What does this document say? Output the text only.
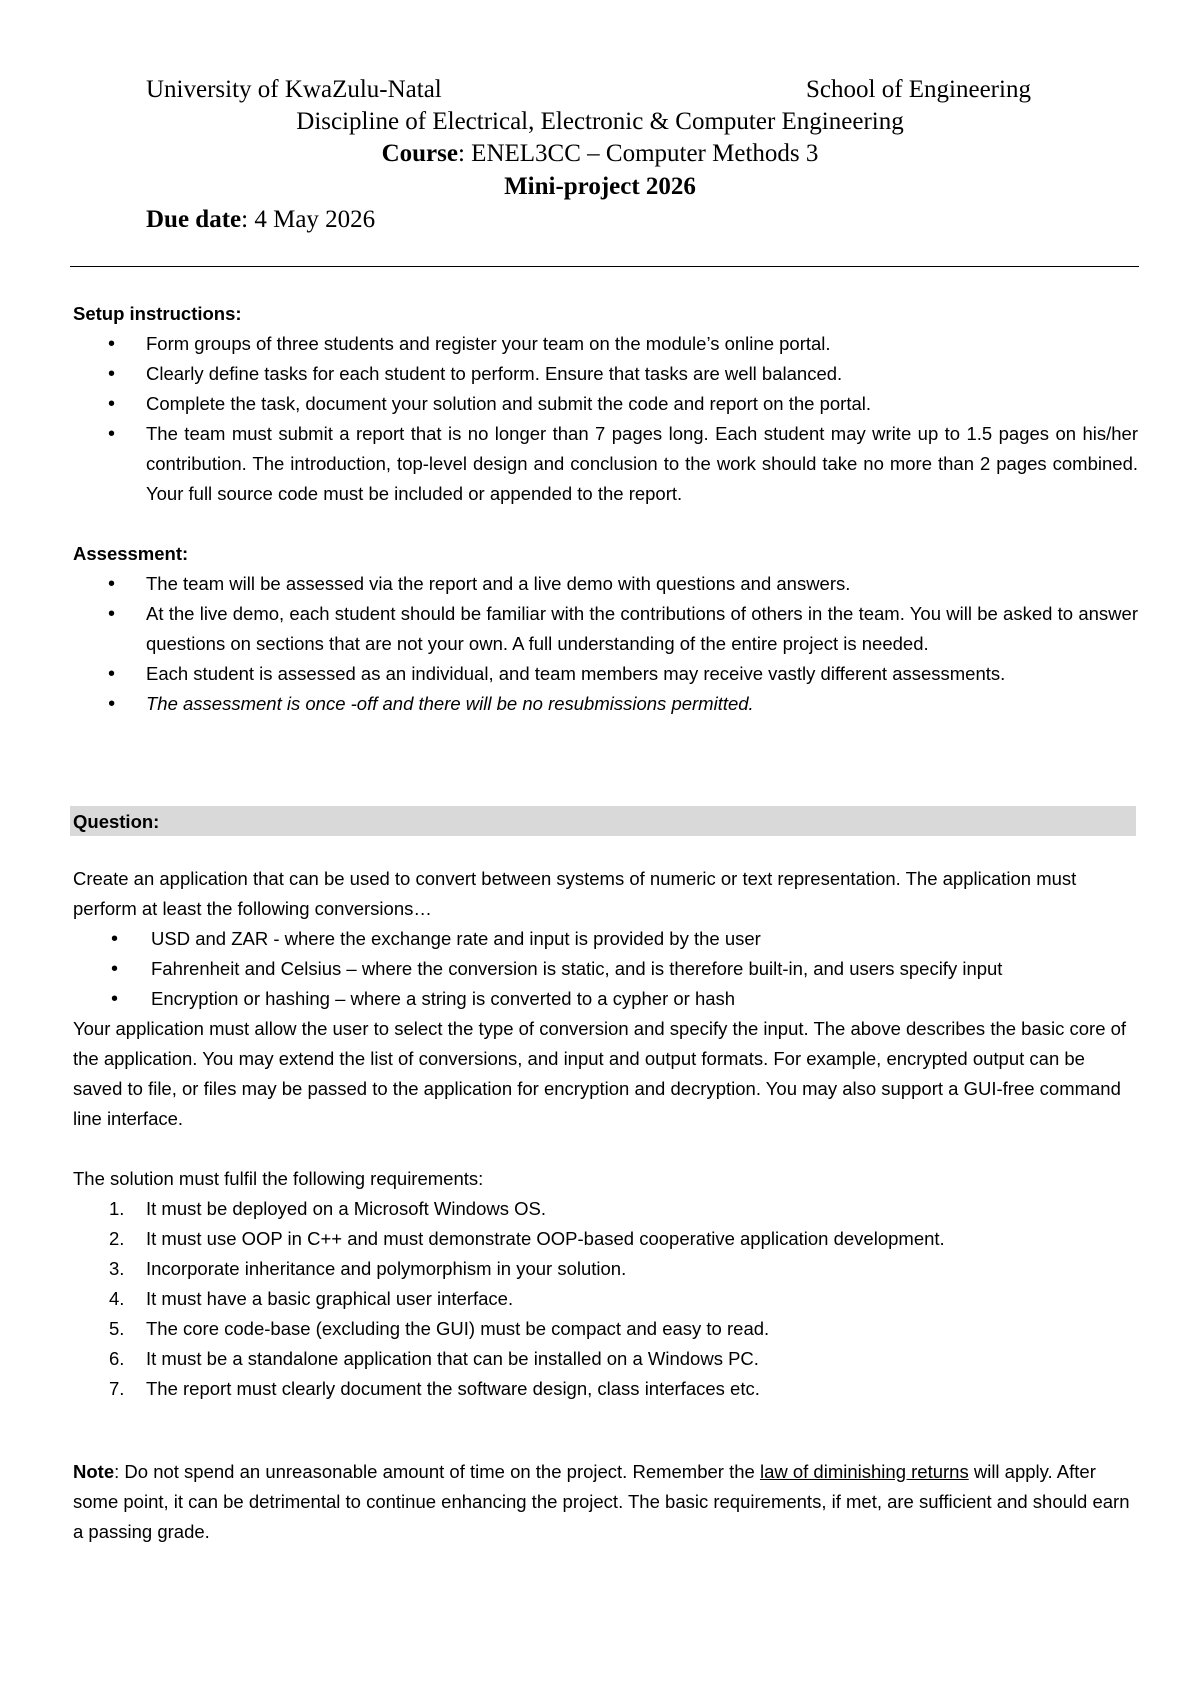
University of KwaZulu-Natal	School of Engineering
Discipline of Electrical, Electronic & Computer Engineering
Course: ENEL3CC – Computer Methods 3
Mini-project 2026
Due date: 4 May 2026
Setup instructions:
• Form groups of three students and register your team on the module’s online portal.
• Clearly define tasks for each student to perform. Ensure that tasks are well balanced.
• Complete the task, document your solution and submit the code and report on the portal.
• The team must submit a report that is no longer than 7 pages long. Each student may write up to 1.5 pages on his/her contribution. The introduction, top-level design and conclusion to the work should take no more than 2 pages combined. Your full source code must be included or appended to the report.
Assessment:
• The team will be assessed via the report and a live demo with questions and answers.
• At the live demo, each student should be familiar with the contributions of others in the team. You will be asked to answer questions on sections that are not your own. A full understanding of the entire project is needed.
• Each student is assessed as an individual, and team members may receive vastly different assessments.
• The assessment is once -off and there will be no resubmissions permitted.
Question:
Create an application that can be used to convert between systems of numeric or text representation. The application must perform at least the following conversions…
• USD and ZAR - where the exchange rate and input is provided by the user
• Fahrenheit and Celsius – where the conversion is static, and is therefore built-in, and users specify input
• Encryption or hashing – where a string is converted to a cypher or hash
Your application must allow the user to select the type of conversion and specify the input. The above describes the basic core of the application. You may extend the list of conversions, and input and output formats. For example, encrypted output can be saved to file, or files may be passed to the application for encryption and decryption. You may also support a GUI-free command line interface.
The solution must fulfil the following requirements:
1. It must be deployed on a Microsoft Windows OS.
2. It must use OOP in C++ and must demonstrate OOP-based cooperative application development.
3. Incorporate inheritance and polymorphism in your solution.
4. It must have a basic graphical user interface.
5. The core code-base (excluding the GUI) must be compact and easy to read.
6. It must be a standalone application that can be installed on a Windows PC.
7. The report must clearly document the software design, class interfaces etc.
Note: Do not spend an unreasonable amount of time on the project. Remember the law of diminishing returns will apply. After some point, it can be detrimental to continue enhancing the project. The basic requirements, if met, are sufficient and should earn a passing grade.
